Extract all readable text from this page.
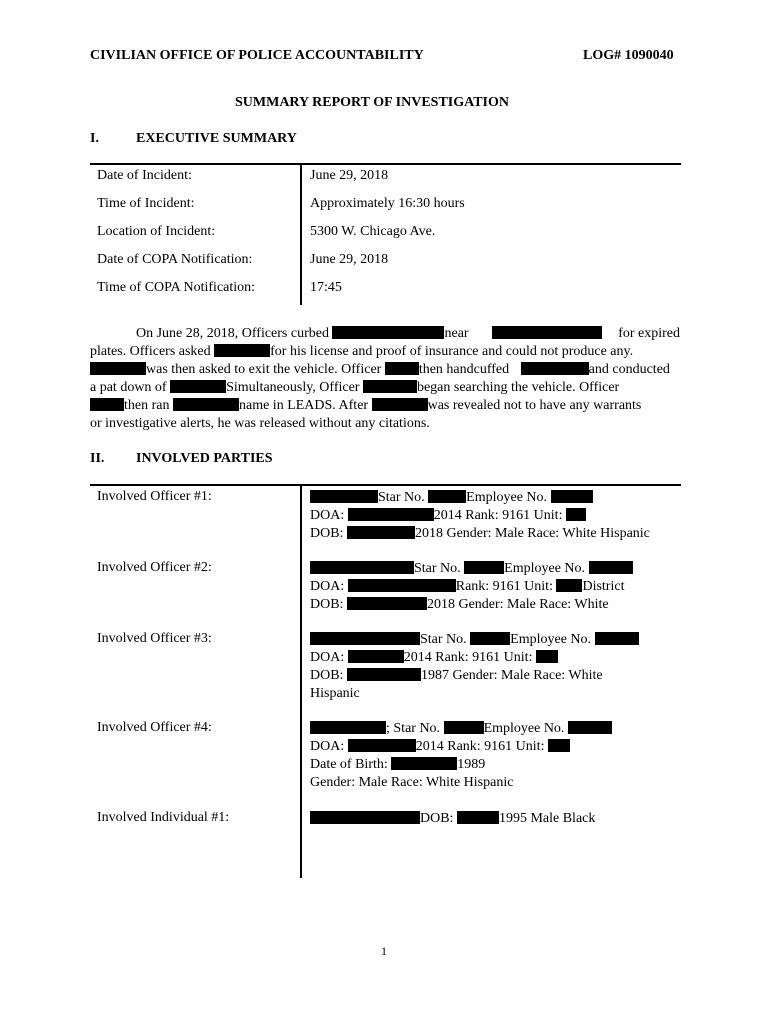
CIVILIAN OFFICE OF POLICE ACCOUNTABILITY	LOG# 1090040
SUMMARY REPORT OF INVESTIGATION
I.	EXECUTIVE SUMMARY
Date of Incident:	June 29, 2018
Time of Incident:	Approximately 16:30 hours
Location of Incident:	5300 W. Chicago Ave.
Date of COPA Notification:	June 29, 2018
Time of COPA Notification:	17:45
On June 28, 2018, Officers curbed	near	for expired
plates. Officers asked	for his license and proof of insurance and could not produce any.
was then asked to exit the vehicle. Officer	then handcuffed	and conducted
a pat down of	Simultaneously, Officer	began searching the vehicle. Officer
then ran	name in LEADS. After	was revealed not to have any warrants
or investigative alerts, he was released without any citations.
II. INVOLVED PARTIES
Involved Officer #1:	Star No.	Employee No.
DOA:	2014 Rank: 9161 Unit:
DOB:	2018 Gender: Male Race: White Hispanic
Involved Officer #2:	Star No.	Employee No.
DOA:	Rank: 9161 Unit: District
DOB:	2018 Gender: Male Race: White
Involved Officer #3:	Star No.	Employee No.
DOA:	2014 Rank: 9161 Unit:
DOB:	1987 Gender: Male Race: White
Hispanic
Involved Officer #4:	; Star No.	Employee No.
DOA:	2014 Rank: 9161 Unit:
Date of Birth:	1989
Gender: Male Race: White Hispanic
Involved Individual #1:	DOB:	1995 Male Black
1
